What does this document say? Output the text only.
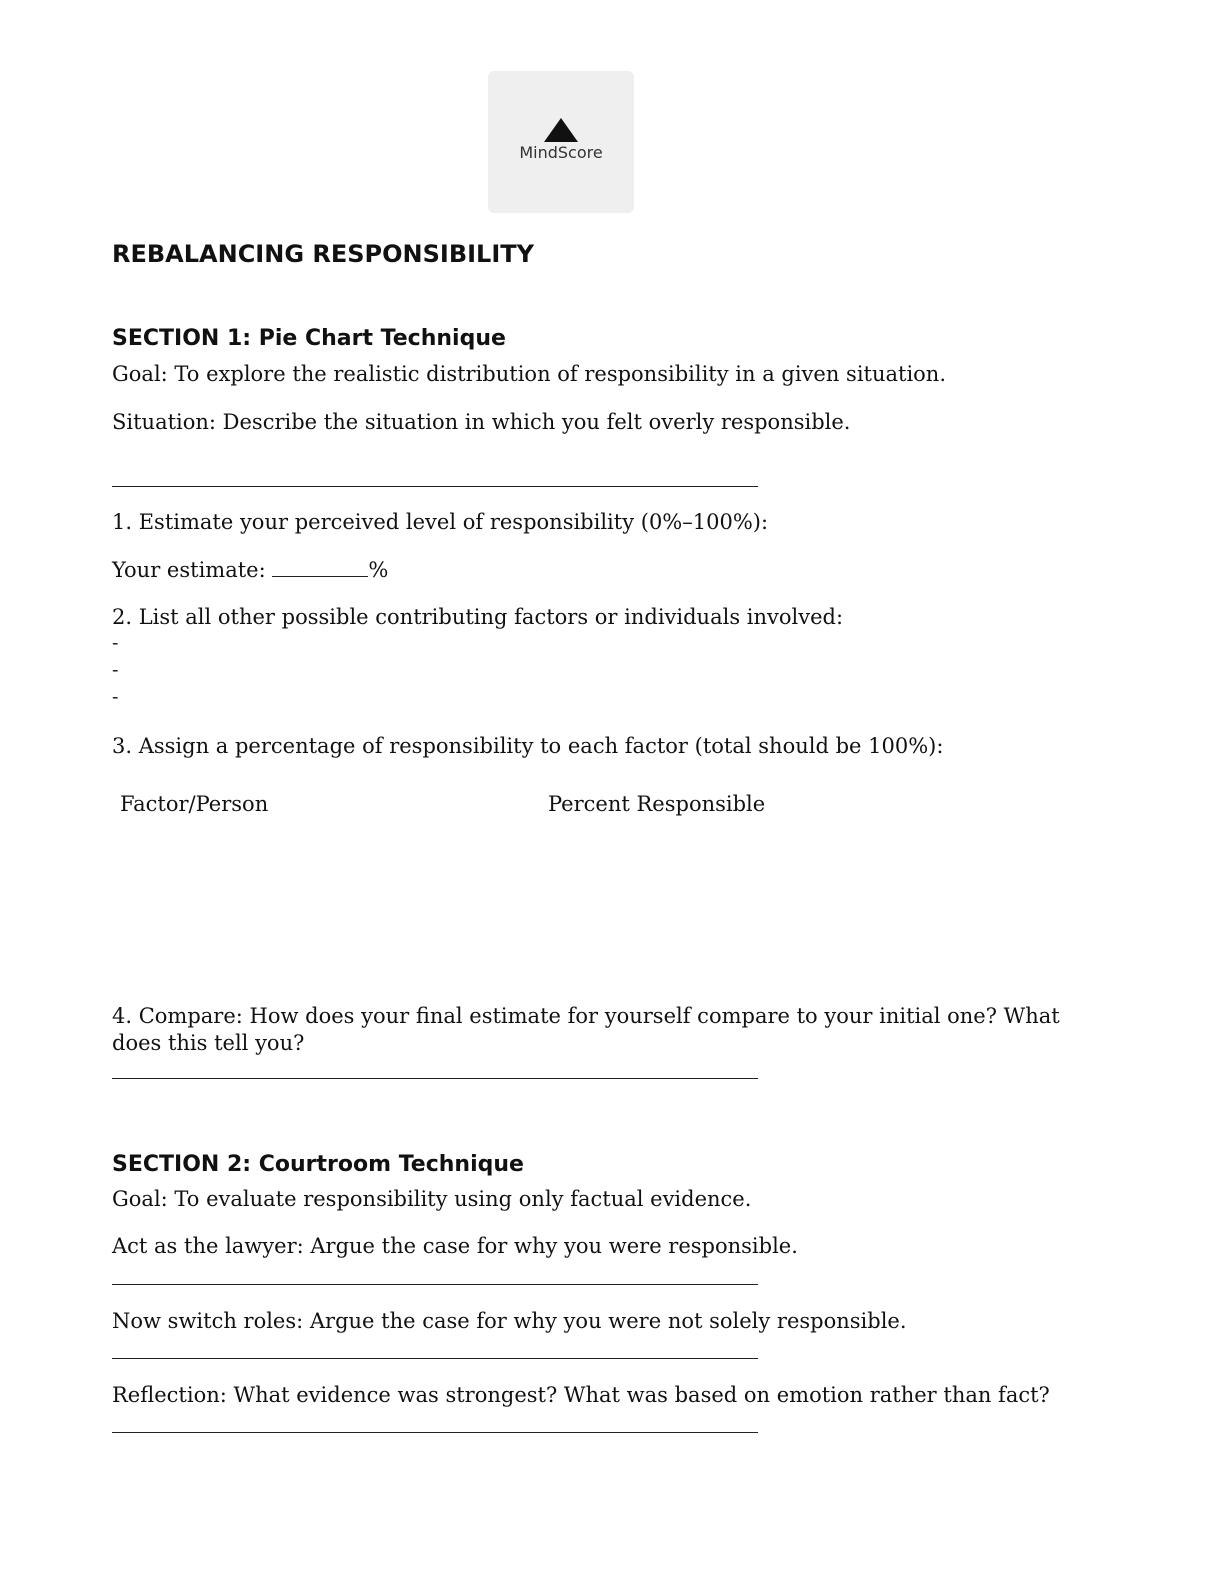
MindScore
REBALANCING RESPONSIBILITY
SECTION 1: Pie Chart Technique
Goal: To explore the realistic distribution of responsibility in a given situation.
Situation: Describe the situation in which you felt overly responsible.
1. Estimate your perceived level of responsibility (0%–100%):
Your estimate:	%
2. List all other possible contributing factors or individuals involved:
-
-
-
3. Assign a percentage of responsibility to each factor (total should be 100%):
Factor/Person	Percent Responsible
4. Compare: How does your final estimate for yourself compare to your initial one? What does this tell you?
SECTION 2: Courtroom Technique
Goal: To evaluate responsibility using only factual evidence.
Act as the lawyer: Argue the case for why you were responsible.
Now switch roles: Argue the case for why you were not solely responsible.
Reflection: What evidence was strongest? What was based on emotion rather than fact?
